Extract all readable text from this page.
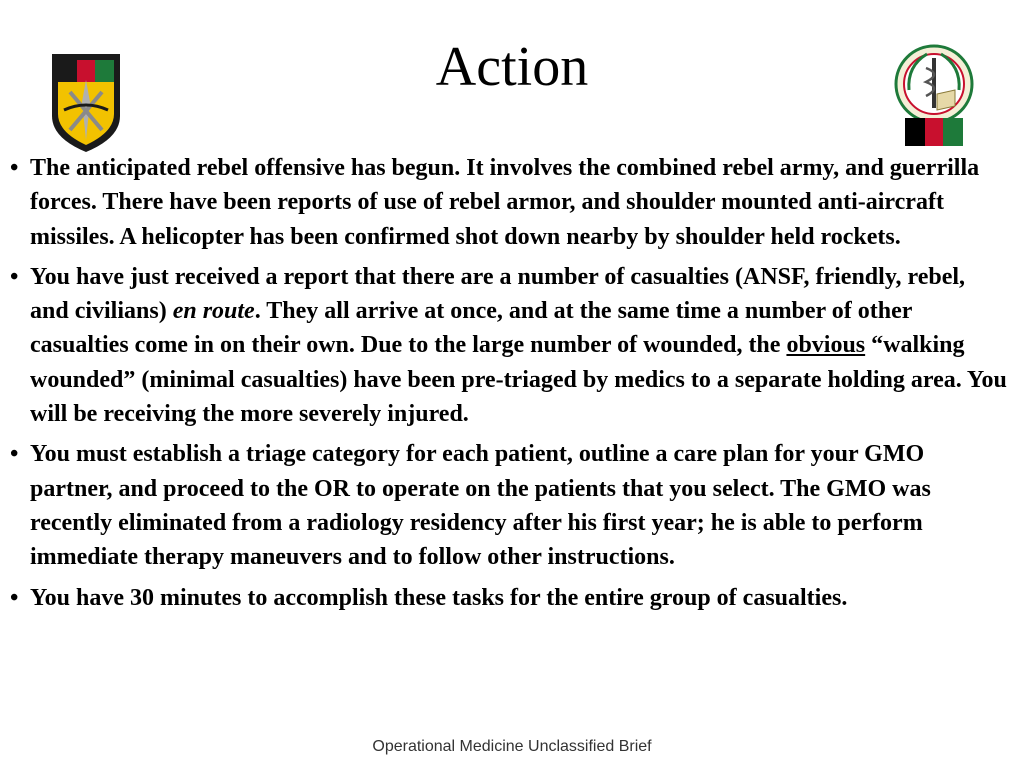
Action
• The anticipated rebel offensive has begun. It involves the combined rebel army, and guerrilla forces. There have been reports of use of rebel armor, and shoulder mounted anti-aircraft missiles. A helicopter has been confirmed shot down nearby by shoulder held rockets.
• You have just received a report that there are a number of casualties (ANSF, friendly, rebel, and civilians) en route. They all arrive at once, and at the same time a number of other casualties come in on their own. Due to the large number of wounded, the obvious “walking wounded” (minimal casualties) have been pre-triaged by medics to a separate holding area. You will be receiving the more severely injured.
• You must establish a triage category for each patient, outline a care plan for your GMO partner, and proceed to the OR to operate on the patients that you select. The GMO was recently eliminated from a radiology residency after his first year; he is able to perform immediate therapy maneuvers and to follow other instructions.
• You have 30 minutes to accomplish these tasks for the entire group of casualties.
Operational Medicine Unclassified Brief
